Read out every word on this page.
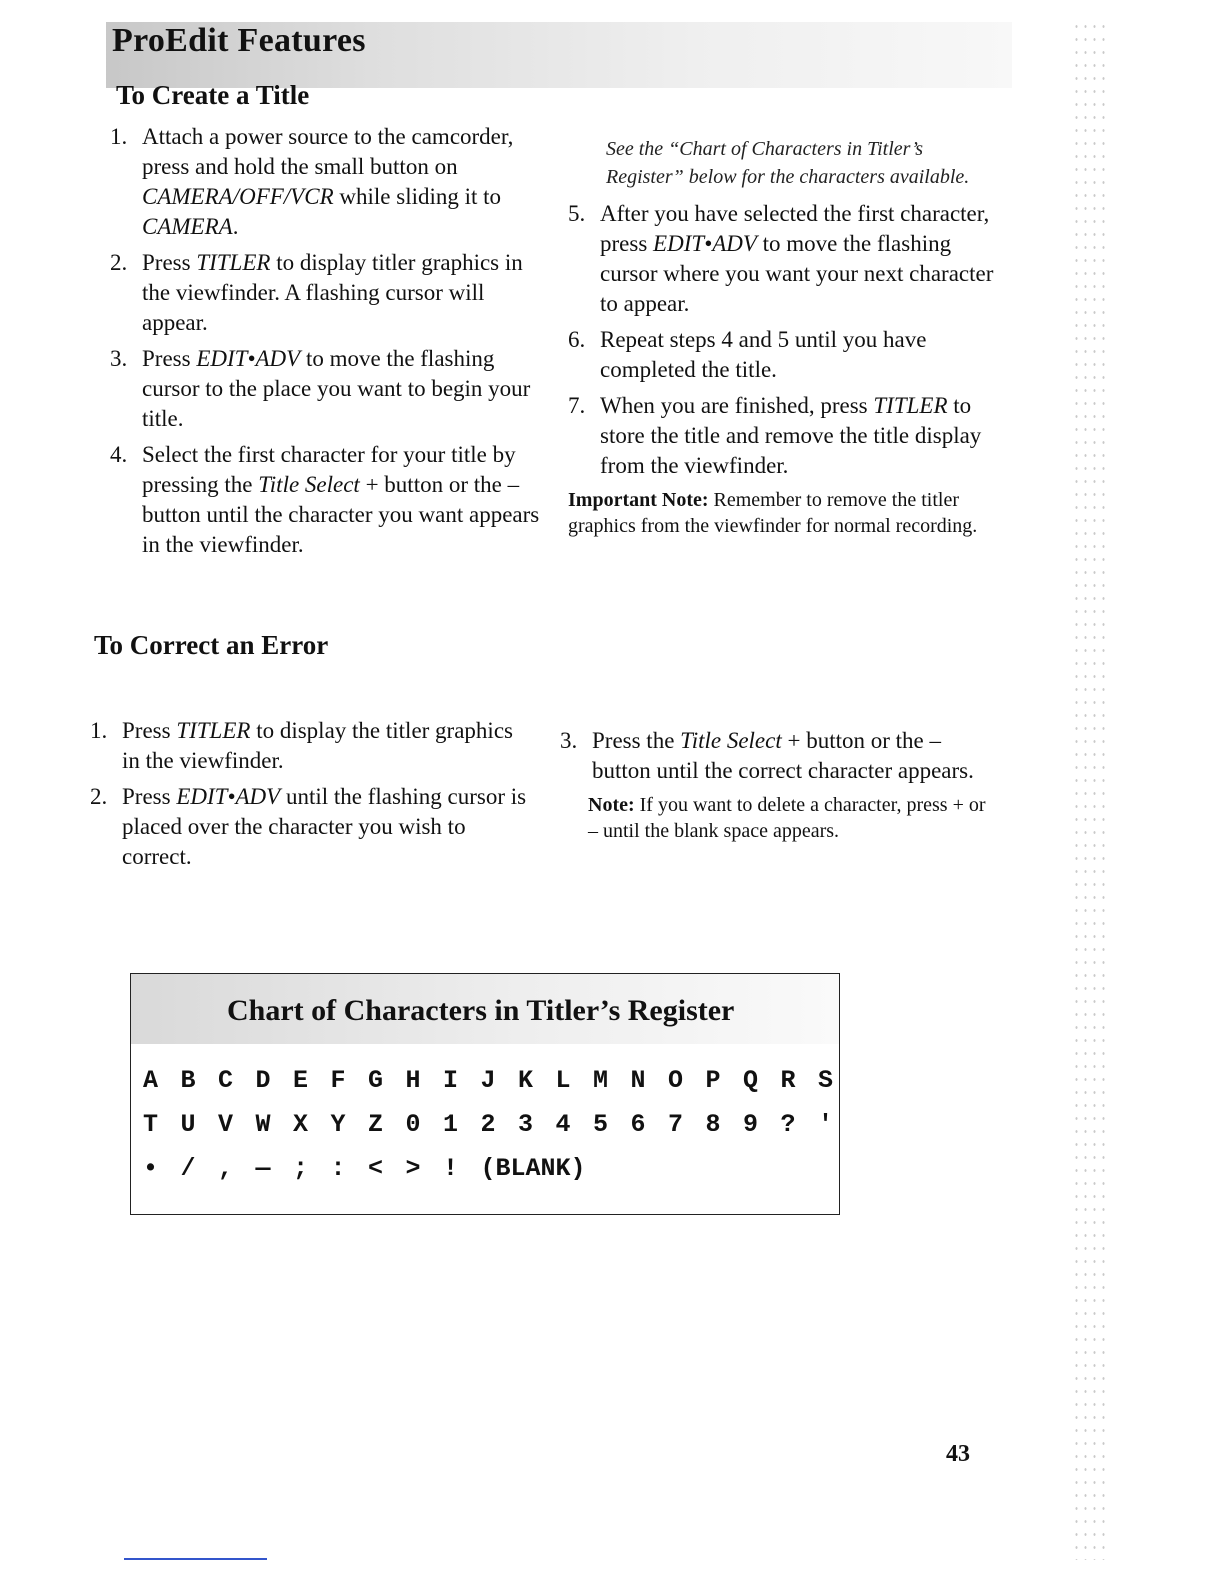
ProEdit Features
To Create a Title
1. Attach a power source to the camcorder, press and hold the small button on CAMERA/OFF/VCR while sliding it to CAMERA.
2. Press TITLER to display titler graphics in the viewfinder. A flashing cursor will appear.
3. Press EDIT•ADV to move the flashing cursor to the place you want to begin your title.
4. Select the first character for your title by pressing the Title Select + button or the – button until the character you want appears in the viewfinder.
See the “Chart of Characters in Titler’s Register” below for the characters available.
5. After you have selected the first character, press EDIT•ADV to move the flashing cursor where you want your next character to appear.
6. Repeat steps 4 and 5 until you have completed the title.
7. When you are finished, press TITLER to store the title and remove the title display from the viewfinder.
Important Note: Remember to remove the titler graphics from the viewfinder for normal recording.
To Correct an Error
1. Press TITLER to display the titler graphics in the viewfinder.
2. Press EDIT•ADV until the flashing cursor is placed over the character you wish to correct.
3. Press the Title Select + button or the – button until the correct character appears.
Note: If you want to delete a character, press + or – until the blank space appears.
Chart of Characters in Titler’s Register
A B C D E F G H I J K L M N O P Q R S
T U V W X Y Z 0 1 2 3 4 5 6 7 8 9 ? '
• / , — ; : < > ! (BLANK)
43
